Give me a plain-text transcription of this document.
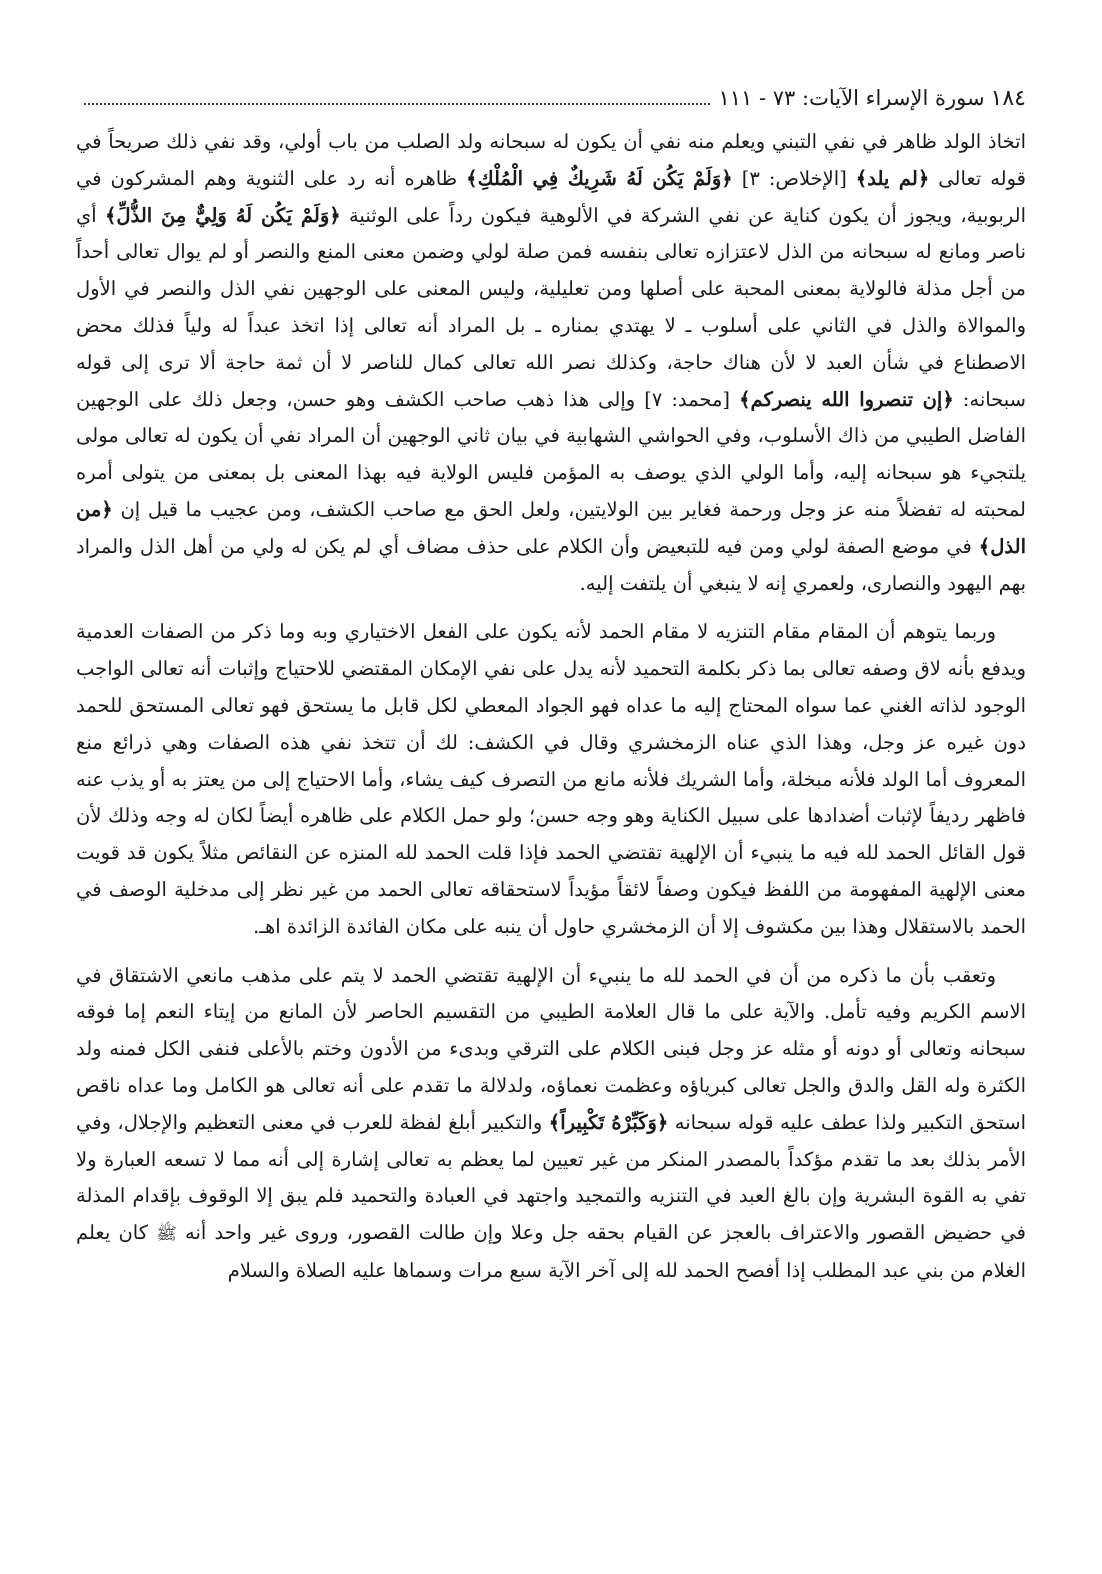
١٨٤
سورة الإسراء الآيات: ٧٣ - ١١١

اتخاذ الولد ظاهر في نفي التبني ويعلم منه نفي أن يكون له سبحانه ولد الصلب من باب أولي، وقد نفي ذلك صريحاً في قوله تعالى ﴿لم يلد﴾ [الإخلاص: ٣] ﴿وَلَمْ يَكُن لَهُ شَرِيكٌ فِي الْمُلْكِ﴾ ظاهره أنه رد على الثنوية وهم المشركون في الربوبية، ويجوز أن يكون كناية عن نفي الشركة في الألوهية فيكون رداً على الوثنية ﴿وَلَمْ يَكُن لَهُ وَلِيٌّ مِنَ الذُّلِّ﴾ أي ناصر ومانع له سبحانه من الذل لاعتزازه تعالى بنفسه فمن صلة لولي وضمن معنى المنع والنصر أو لم يوال تعالى أحداً من أجل مذلة فالولاية بمعنى المحبة على أصلها ومن تعليلية، وليس المعنى على الوجهين نفي الذل والنصر في الأول والموالاة والذل في الثاني على أسلوب ـ لا يهتدي بمناره ـ بل المراد أنه تعالى إذا اتخذ عبداً له ولياً فذلك محض الاصطناع في شأن العبد لا لأن هناك حاجة، وكذلك نصر الله تعالى كمال للناصر لا أن ثمة حاجة ألا ترى إلى قوله سبحانه: ﴿إن تنصروا الله ينصركم﴾ [محمد: ٧] وإلى هذا ذهب صاحب الكشف وهو حسن، وجعل ذلك على الوجهين الفاضل الطيبي من ذاك الأسلوب، وفي الحواشي الشهابية في بيان ثاني الوجهين أن المراد نفي أن يكون له تعالى مولى يلتجيء هو سبحانه إليه، وأما الولي الذي يوصف به المؤمن فليس الولاية فيه بهذا المعنى بل بمعنى من يتولى أمره لمحبته له تفضلاً منه عز وجل ورحمة فغاير بين الولايتين، ولعل الحق مع صاحب الكشف، ومن عجيب ما قيل إن ﴿من الذل﴾ في موضع الصفة لولي ومن فيه للتبعيض وأن الكلام على حذف مضاف أي لم يكن له ولي من أهل الذل والمراد بهم اليهود والنصارى، ولعمري إنه لا ينبغي أن يلتفت إليه.

وربما يتوهم أن المقام مقام التنزيه لا مقام الحمد لأنه يكون على الفعل الاختياري وبه وما ذكر من الصفات العدمية ويدفع بأنه لاق وصفه تعالى بما ذكر بكلمة التحميد لأنه يدل على نفي الإمكان المقتضي للاحتياج وإثبات أنه تعالى الواجب الوجود لذاته الغني عما سواه المحتاج إليه ما عداه فهو الجواد المعطي لكل قابل ما يستحق فهو تعالى المستحق للحمد دون غيره عز وجل، وهذا الذي عناه الزمخشري وقال في الكشف: لك أن تتخذ نفي هذه الصفات وهي ذرائع منع المعروف أما الولد فلأنه مبخلة، وأما الشريك فلأنه مانع من التصرف كيف يشاء، وأما الاحتياج إلى من يعتز به أو يذب عنه فاظهر ردیفاً لإثبات أضدادها على سبيل الكناية وهو وجه حسن؛ ولو حمل الكلام على ظاهره أيضاً لكان له وجه وذلك لأن قول القائل الحمد لله فيه ما ينبيء أن الإلهية تقتضي الحمد فإذا قلت الحمد لله المنزه عن النقائص مثلاً يكون قد قويت معنى الإلهية المفهومة من اللفظ فيكون وصفاً لائقاً مؤيداً لاستحقاقه تعالى الحمد من غير نظر إلى مدخلية الوصف في الحمد بالاستقلال وهذا بين مكشوف إلا أن الزمخشري حاول أن ينبه على مكان الفائدة الزائدة اهـ.

وتعقب بأن ما ذكره من أن في الحمد لله ما ينبيء أن الإلهية تقتضي الحمد لا يتم على مذهب مانعي الاشتقاق في الاسم الكريم وفيه تأمل. والآية على ما قال العلامة الطيبي من التقسيم الحاصر لأن المانع من إيتاء النعم إما فوقه سبحانه وتعالى أو دونه أو مثله عز وجل فبنى الكلام على الترقي وبدىء من الأدون وختم بالأعلى فنفى الكل فمنه ولد الكثرة وله القل والدق والجل تعالى كبرياؤه وعظمت نعماؤه، ولدلالة ما تقدم على أنه تعالى هو الكامل وما عداه ناقص استحق التكبير ولذا عطف عليه قوله سبحانه ﴿وَكَبِّرْهُ تَكْبِيراً﴾ والتكبير أبلغ لفظة للعرب في معنى التعظيم والإجلال، وفي الأمر بذلك بعد ما تقدم مؤكداً بالمصدر المنكر من غير تعيين لما يعظم به تعالى إشارة إلى أنه مما لا تسعه العبارة ولا تفي به القوة البشرية وإن بالغ العبد في التنزيه والتمجيد واجتهد في العبادة والتحميد فلم يبق إلا الوقوف بإقدام المذلة في حضيض القصور والاعتراف بالعجز عن القيام بحقه جل وعلا وإن طالت القصور، وروى غير واحد أنه ﷺ كان يعلم الغلام من بني عبد المطلب إذا أفصح الحمد لله إلى آخر الآية سبع مرات وسماها عليه الصلاة والسلام
